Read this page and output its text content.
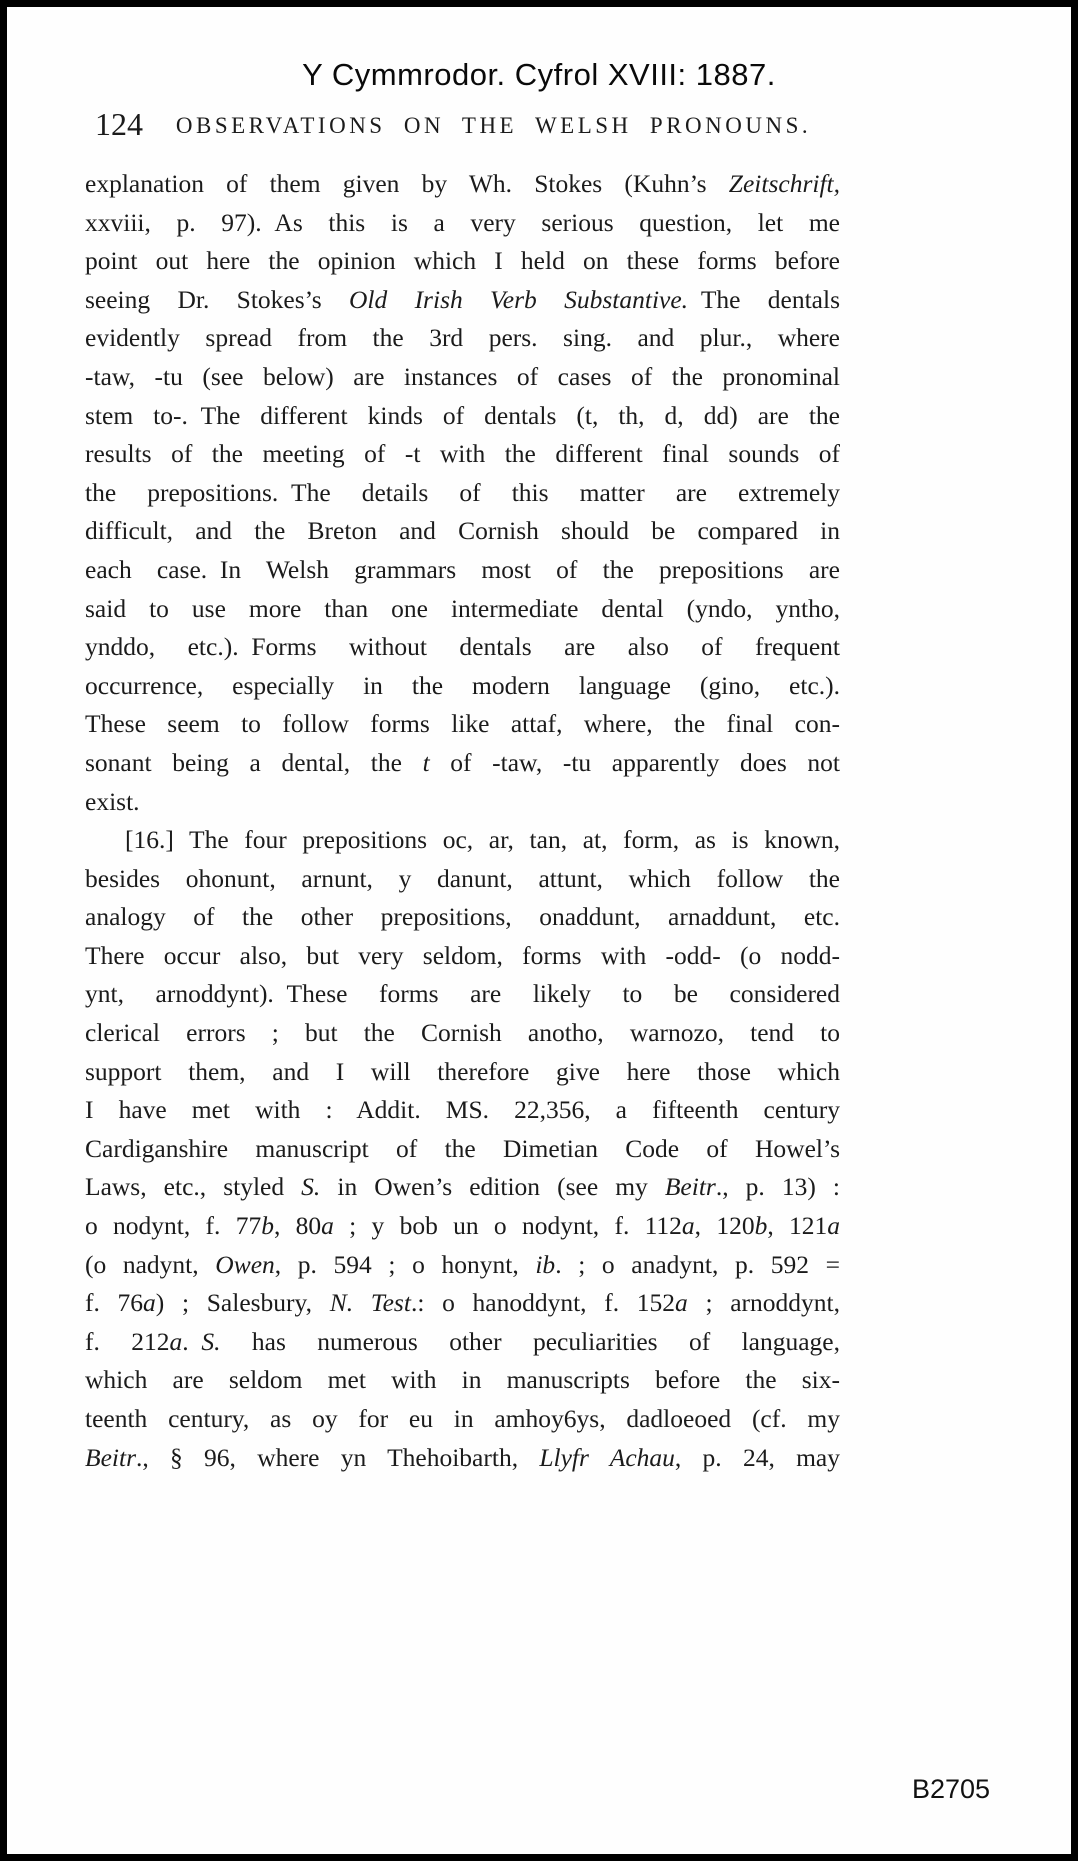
Y Cymmrodor. Cyfrol XVIII: 1887.
124	OBSERVATIONS ON THE WELSH PRONOUNS.
explanation of them given by Wh. Stokes (Kuhn’s Zeitschrift,
xxviii, p. 97). As this is a very serious question, let me
point out here the opinion which I held on these forms before
seeing Dr. Stokes’s Old Irish Verb Substantive. The dentals
evidently spread from the 3rd pers. sing. and plur., where
-taw, -tu (see below) are instances of cases of the pronominal
stem to-. The different kinds of dentals (t, th, d, dd) are the
results of the meeting of -t with the different final sounds of
the prepositions. The details of this matter are extremely
difficult, and the Breton and Cornish should be compared in
each case. In Welsh grammars most of the prepositions are
said to use more than one intermediate dental (yndo, yntho,
ynddo, etc.). Forms without dentals are also of frequent
occurrence, especially in the modern language (gino, etc.).
These seem to follow forms like attaf, where, the final con-
sonant being a dental, the t of -taw, -tu apparently does not
exist.
[16.] The four prepositions oc, ar, tan, at, form, as is known,
besides ohonunt, arnunt, y danunt, attunt, which follow the
analogy of the other prepositions, onaddunt, arnaddunt, etc.
There occur also, but very seldom, forms with -odd- (o nodd-
ynt, arnoddynt). These forms are likely to be considered
clerical errors ; but the Cornish anotho, warnozo, tend to
support them, and I will therefore give here those which
I have met with : Addit. MS. 22,356, a fifteenth century
Cardiganshire manuscript of the Dimetian Code of Howel’s
Laws, etc., styled S. in Owen’s edition (see my Beitr., p. 13) :
o nodynt, f. 77b, 80a ; y bob un o nodynt, f. 112a, 120b, 121a
(o nadynt, Owen, p. 594 ; o honynt, ib. ; o anadynt, p. 592 =
f. 76a) ; Salesbury, N. Test.: o hanoddynt, f. 152a ; arnoddynt,
f. 212a. S. has numerous other peculiarities of language,
which are seldom met with in manuscripts before the six-
teenth century, as oy for eu in amhoy6ys, dadloeoed (cf. my
Beitr., § 96, where yn Thehoibarth, Llyfr Achau, p. 24, may
B2705
